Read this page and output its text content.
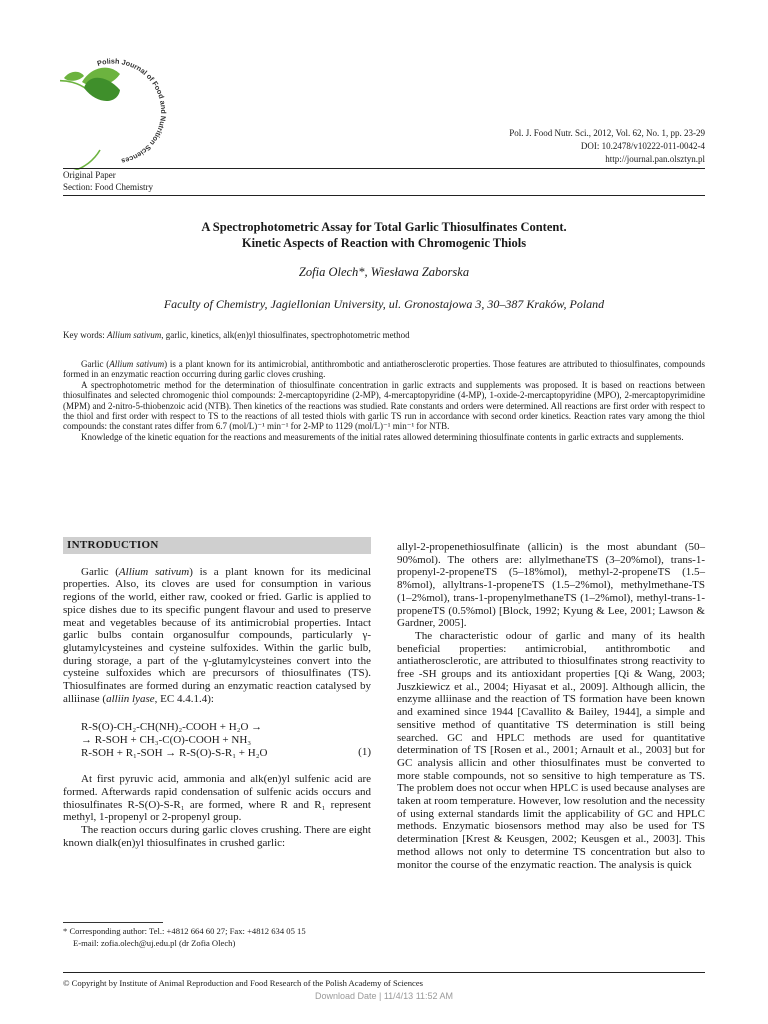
Polish Journal of Food and Nutrition Sciences
Pol. J. Food Nutr. Sci., 2012, Vol. 62, No. 1, pp. 23-29
DOI: 10.2478/v10222-011-0042-4
http://journal.pan.olsztyn.pl
Original Paper
Section: Food Chemistry
A Spectrophotometric Assay for Total Garlic Thiosulfinates Content.
Kinetic Aspects of Reaction with Chromogenic Thiols
Zofia Olech*, Wiesława Zaborska
Faculty of Chemistry, Jagiellonian University, ul. Gronostajowa 3, 30–387 Kraków, Poland
Key words: Allium sativum, garlic, kinetics, alk(en)yl thiosulfinates, spectrophotometric method

Garlic (Allium sativum) is a plant known for its antimicrobial, antithrombotic and antiatherosclerotic properties. Those features are attributed to thiosulfinates, compounds formed in an enzymatic reaction occurring during garlic cloves crushing.

A spectrophotometric method for the determination of thiosulfinate concentration in garlic extracts and supplements was proposed. It is based on reactions between thiosulfinates and selected chromogenic thiol compounds: 2-mercaptopyridine (2-MP), 4-mercaptopyridine (4-MP), 1-oxide-2-mercaptopyridine (MPO), 2-mercaptopyrimidine (MPM) and 2-nitro-5-thiobenzoic acid (NTB). Then kinetics of the reactions was studied. Rate constants and orders were determined. All reactions are first order with respect to the thiol and first order with respect to TS to the reactions of all tested thiols with garlic TS run in accordance with second order kinetics. Reaction rates vary among the thiol compounds: the constant rates differ from 6.7 (mol/L)⁻¹ min⁻¹ for 2-MP to 1129 (mol/L)⁻¹ min⁻¹ for NTB.

Knowledge of the kinetic equation for the reactions and measurements of the initial rates allowed determining thiosulfinate contents in garlic extracts and supplements.

INTRODUCTION

Garlic (Allium sativum) is a plant known for its medicinal properties. Also, its cloves are used for consumption in various regions of the world, either raw, cooked or fried. Garlic is applied to spice dishes due to its specific pungent flavour and used to preserve meat and vegetables because of its antimicrobial properties. Intact garlic bulbs contain organosulfur compounds, particularly γ-glutamylcysteines and cysteine sulfoxides. Within the garlic bulb, during storage, a part of the γ-glutamylcysteines convert into the cysteine sulfoxides which are precursors of thiosulfinates (TS). Thiosulfinates are formed during an enzymatic reaction catalysed by alliinase (alliin lyase, EC 4.4.1.4):

R-S(O)-CH₂-CH(NH)₂-COOH + H₂O →
→ R-SOH + CH₃-C(O)-COOH + NH₃
R-SOH + R₁-SOH → R-S(O)-S-R₁ + H₂O	(1)

At first pyruvic acid, ammonia and alk(en)yl sulfenic acid are formed. Afterwards rapid condensation of sulfenic acids occurs and thiosulfinates R-S(O)-S-R₁ are formed, where R and R₁ represent methyl, 1-propenyl or 2-propenyl group.

The reaction occurs during garlic cloves crushing. There are eight known dialk(en)yl thiosulfinates in crushed garlic:

allyl-2-propenethiosulfinate (allicin) is the most abundant (50–90%mol). The others are: allylmethaneTS (3–20%mol), trans-1-propenyl-2-propeneTS (5–18%mol), methyl-2-propeneTS (1.5–8%mol), allyltrans-1-propeneTS (1.5–2%mol), methylmethane-TS (1–2%mol), trans-1-propenylmethaneTS (1–2%mol), methyl-trans-1-propeneTS (0.5%mol) [Block, 1992; Kyung & Lee, 2001; Lawson & Gardner, 2005].

The characteristic odour of garlic and many of its health beneficial properties: antimicrobial, antithrombotic and antiatherosclerotic, are attributed to thiosulfinates strong reactivity to free -SH groups and its antioxidant properties [Qi & Wang, 2003; Juszkiewicz et al., 2004; Hiyasat et al., 2009]. Although allicin, the enzyme alliinase and the reaction of TS formation have been known and examined since 1944 [Cavallito & Bailey, 1944], a simple and sensitive method of quantitative TS determination is still being searched. GC and HPLC methods are used for quantitative determination of TS [Rosen et al., 2001; Arnault et al., 2003] but for GC analysis allicin and other thiosulfinates must be converted to more stable compounds, not so sensitive to high temperature as TS. The problem does not occur when HPLC is used because analyses are taken at room temperature. However, low resolution and the necessity of using external standards limit the applicability of GC and HPLC methods. Enzymatic biosensors method may also be used for TS determination [Krest & Keusgen, 2002; Keusgen et al., 2003]. This method allows not only to determine TS concentration but also to monitor the course of the enzymatic reaction. The analysis is quick

* Corresponding author: Tel.: +4812 664 60 27; Fax: +4812 634 05 15
E-mail: zofia.olech@uj.edu.pl (dr Zofia Olech)
© Copyright by Institute of Animal Reproduction and Food Research of the Polish Academy of Sciences
Download Date | 11/4/13 11:52 AM
